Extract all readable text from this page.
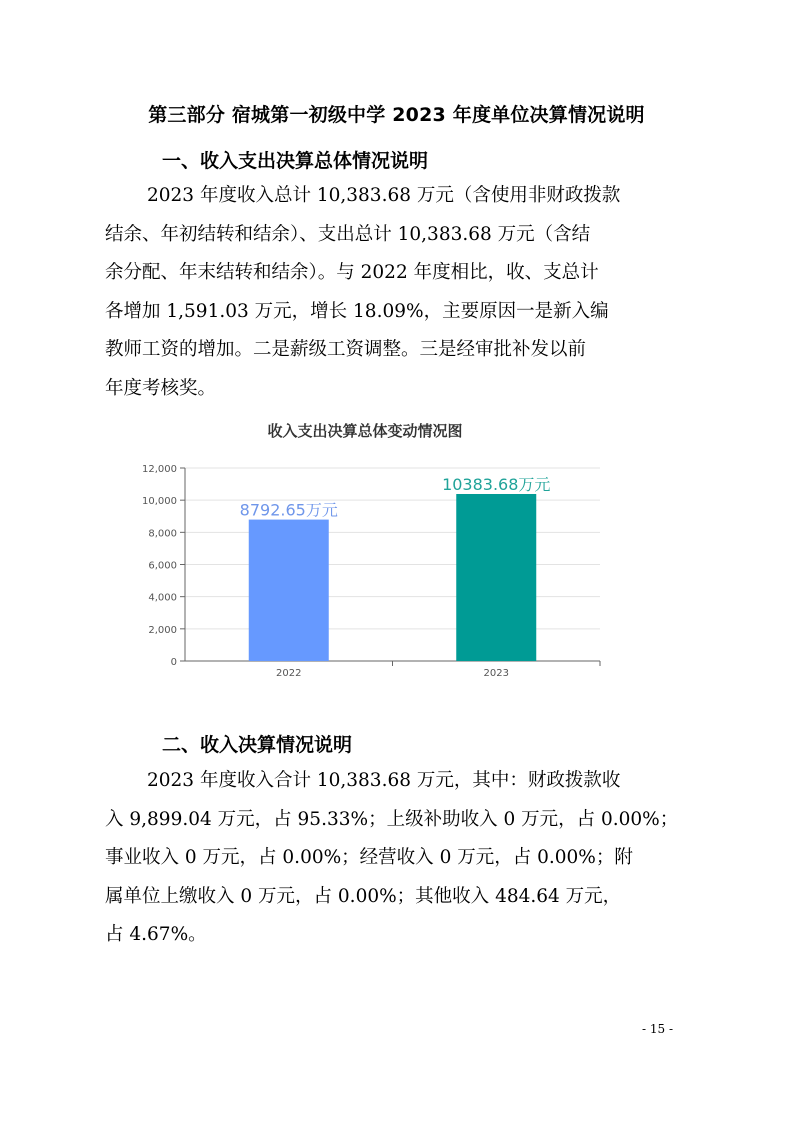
第三部分 宿城第一初级中学 2023 年度单位决算情况说明
一、收入支出决算总体情况说明

2023 年度收入总计 10,383.68 万元（含使用非财政拨款
结余、年初结转和结余）、支出总计 10,383.68 万元（含结
余分配、年末结转和结余）。与 2022 年度相比，收、支总计
各增加 1,591.03 万元，增长 18.09%，主要原因一是新入编
教师工资的增加。二是薪级工资调整。三是经审批补发以前
年度考核奖。

收入支出决算总体变动情况图
0
2,000
4,000
6,000
8,000
10,000
12,000
8792.65万元
2022
10383.68万元
2023
二、收入决算情况说明

2023 年度收入合计 10,383.68 万元，其中：财政拨款收
入 9,899.04 万元，占 95.33%；上级补助收入 0 万元，占 0.00%；
事业收入 0 万元，占 0.00%；经营收入 0 万元，占 0.00%；附
属单位上缴收入 0 万元，占 0.00%；其他收入 484.64 万元，
占 4.67%。

- 15 -
